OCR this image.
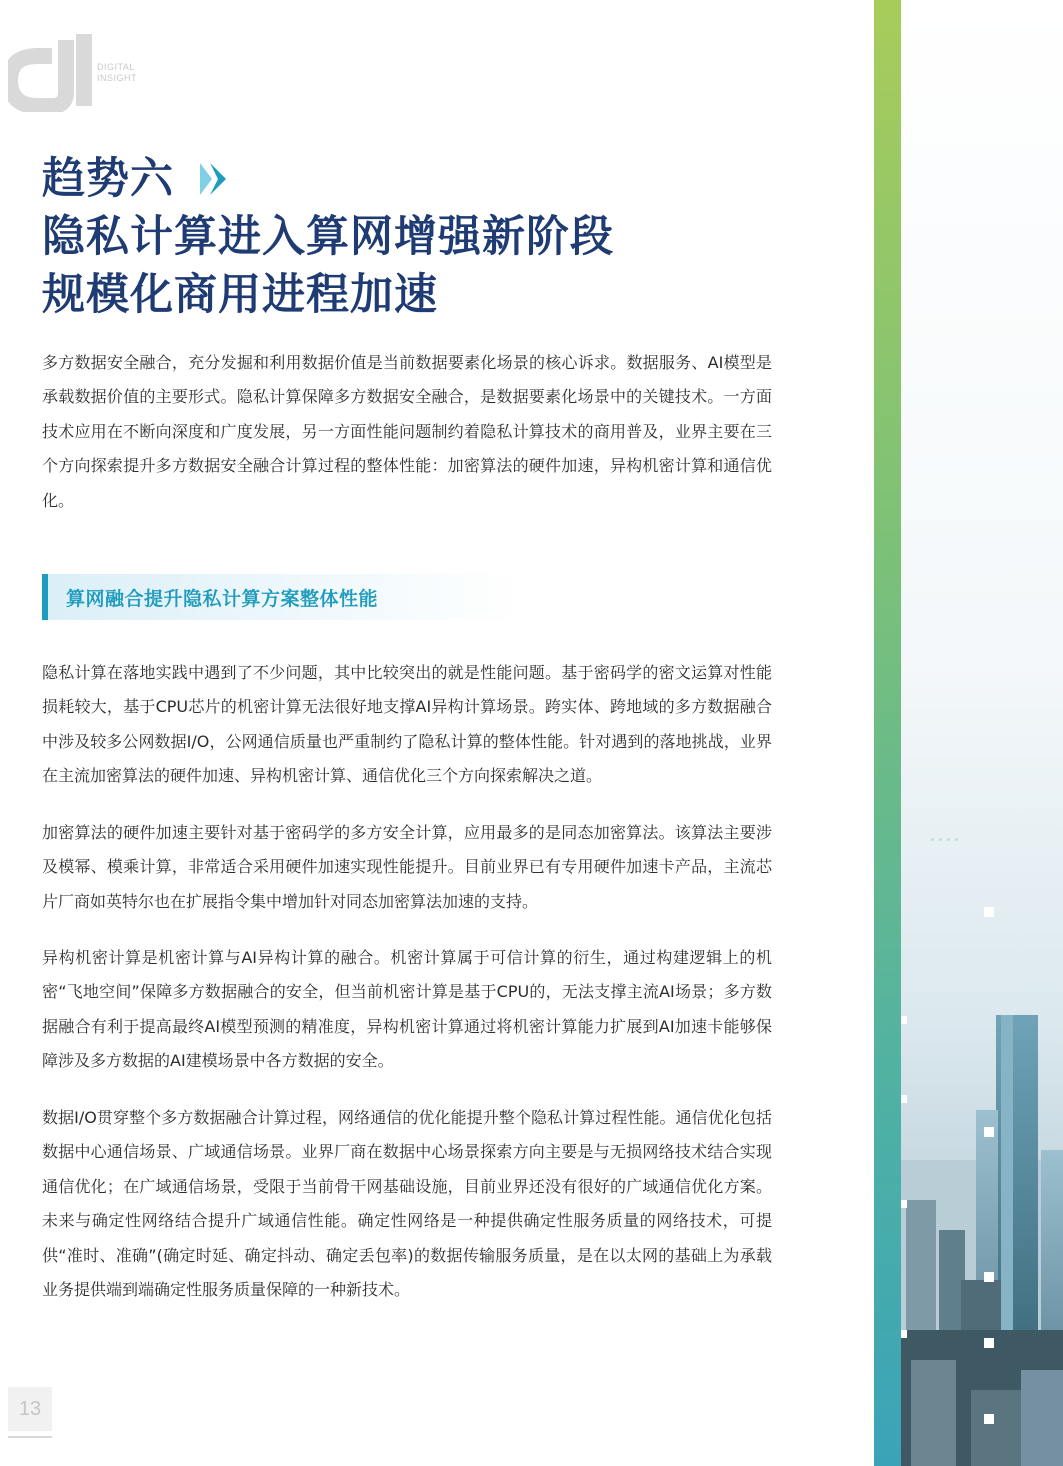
DIGITAL
INSIGHT
趋势六
隐私计算进入算网增强新阶段
规模化商用进程加速

多方数据安全融合，充分发掘和利用数据价值是当前数据要素化场景的核心诉求。数据服务、AI模型是承载数据价值的主要形式。隐私计算保障多方数据安全融合，是数据要素化场景中的关键技术。一方面技术应用在不断向深度和广度发展，另一方面性能问题制约着隐私计算技术的商用普及，业界主要在三个方向探索提升多方数据安全融合计算过程的整体性能：加密算法的硬件加速，异构机密计算和通信优化。

算网融合提升隐私计算方案整体性能

隐私计算在落地实践中遇到了不少问题，其中比较突出的就是性能问题。基于密码学的密文运算对性能损耗较大，基于CPU芯片的机密计算无法很好地支撑AI异构计算场景。跨实体、跨地域的多方数据融合中涉及较多公网数据I/O，公网通信质量也严重制约了隐私计算的整体性能。针对遇到的落地挑战，业界在主流加密算法的硬件加速、异构机密计算、通信优化三个方向探索解决之道。

加密算法的硬件加速主要针对基于密码学的多方安全计算，应用最多的是同态加密算法。该算法主要涉及模幂、模乘计算，非常适合采用硬件加速实现性能提升。目前业界已有专用硬件加速卡产品，主流芯片厂商如英特尔也在扩展指令集中增加针对同态加密算法加速的支持。

异构机密计算是机密计算与AI异构计算的融合。机密计算属于可信计算的衍生，通过构建逻辑上的机密“飞地空间”保障多方数据融合的安全，但当前机密计算是基于CPU的，无法支撑主流AI场景；多方数据融合有利于提高最终AI模型预测的精准度，异构机密计算通过将机密计算能力扩展到AI加速卡能够保障涉及多方数据的AI建模场景中各方数据的安全。

数据I/O贯穿整个多方数据融合计算过程，网络通信的优化能提升整个隐私计算过程性能。通信优化包括数据中心通信场景、广域通信场景。业界厂商在数据中心场景探索方向主要是与无损网络技术结合实现通信优化；在广域通信场景，受限于当前骨干网基础设施，目前业界还没有很好的广域通信优化方案。未来与确定性网络结合提升广域通信性能。确定性网络是一种提供确定性服务质量的网络技术，可提供“准时、准确”(确定时延、确定抖动、确定丢包率)的数据传输服务质量，是在以太网的基础上为承载业务提供端到端确定性服务质量保障的一种新技术。

13
